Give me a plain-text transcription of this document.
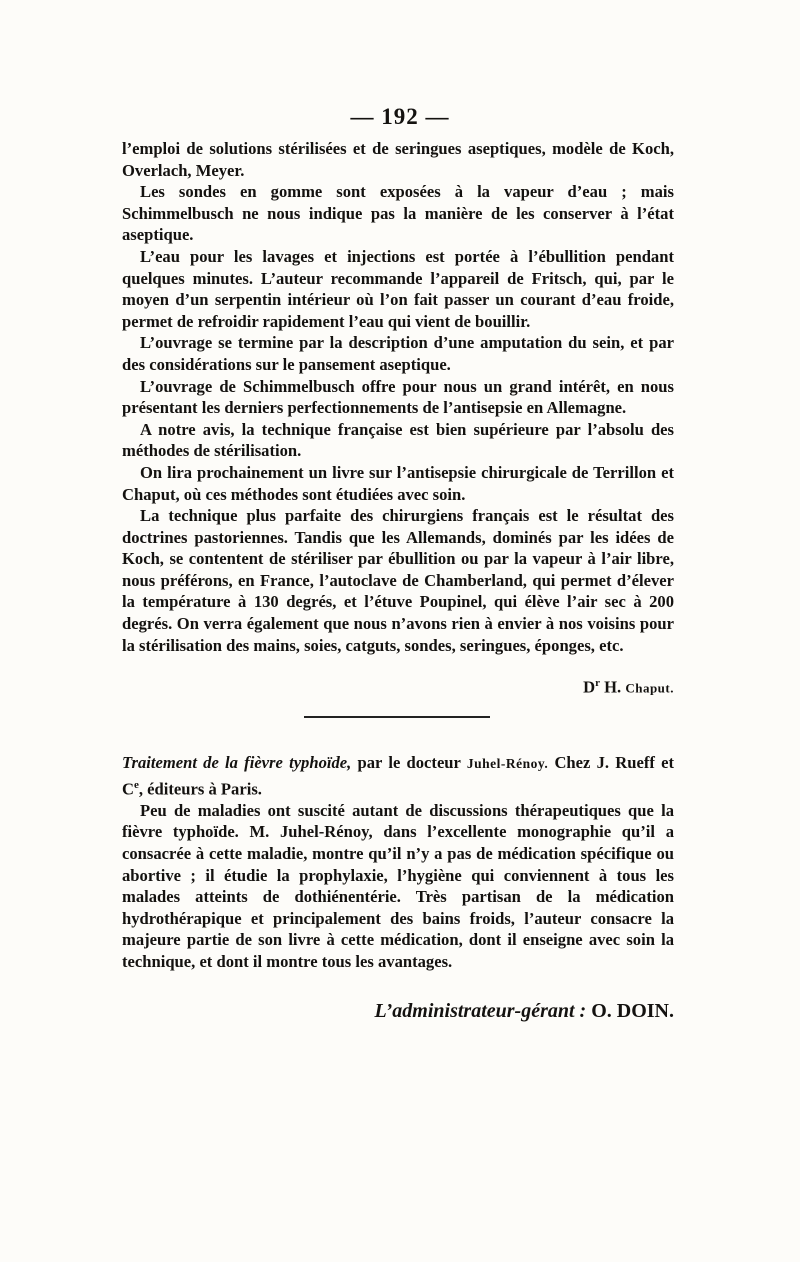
— 192 —

l’emploi de solutions stérilisées et de seringues aseptiques, modèle de Koch, Overlach, Meyer.

Les sondes en gomme sont exposées à la vapeur d’eau ; mais Schimmelbusch ne nous indique pas la manière de les conserver à l’état aseptique.

L’eau pour les lavages et injections est portée à l’ébullition pendant quelques minutes. L’auteur recommande l’appareil de Fritsch, qui, par le moyen d’un serpentin intérieur où l’on fait passer un courant d’eau froide, permet de refroidir rapidement l’eau qui vient de bouillir.

L’ouvrage se termine par la description d’une amputation du sein, et par des considérations sur le pansement aseptique.

L’ouvrage de Schimmelbusch offre pour nous un grand intérêt, en nous présentant les derniers perfectionnements de l’antisepsie en Allemagne.

A notre avis, la technique française est bien supérieure par l’absolu des méthodes de stérilisation.

On lira prochainement un livre sur l’antisepsie chirurgicale de Terrillon et Chaput, où ces méthodes sont étudiées avec soin.

La technique plus parfaite des chirurgiens français est le résultat des doctrines pastoriennes. Tandis que les Allemands, dominés par les idées de Koch, se contentent de stériliser par ébullition ou par la vapeur à l’air libre, nous préférons, en France, l’autoclave de Chamberland, qui permet d’élever la température à 130 degrés, et l’étuve Poupinel, qui élève l’air sec à 200 degrés. On verra également que nous n’avons rien à envier à nos voisins pour la stérilisation des mains, soies, catguts, sondes, seringues, éponges, etc.

$D^r$ H. Chaput.

Traitement de la fièvre typhoïde, par le docteur Juhel-Rénoy. Chez J. Rueff et Ce, éditeurs à Paris.

Peu de maladies ont suscité autant de discussions thérapeutiques que la fièvre typhoïde. M. Juhel-Rénoy, dans l’excellente monographie qu’il a consacrée à cette maladie, montre qu’il n’y a pas de médication spécifique ou abortive ; il étudie la prophylaxie, l’hygiène qui conviennent à tous les malades atteints de dothiénentérie. Très partisan de la médication hydrothérapique et principalement des bains froids, l’auteur consacre la majeure partie de son livre à cette médication, dont il enseigne avec soin la technique, et dont il montre tous les avantages.

L’administrateur-gérant : O. DOIN.
